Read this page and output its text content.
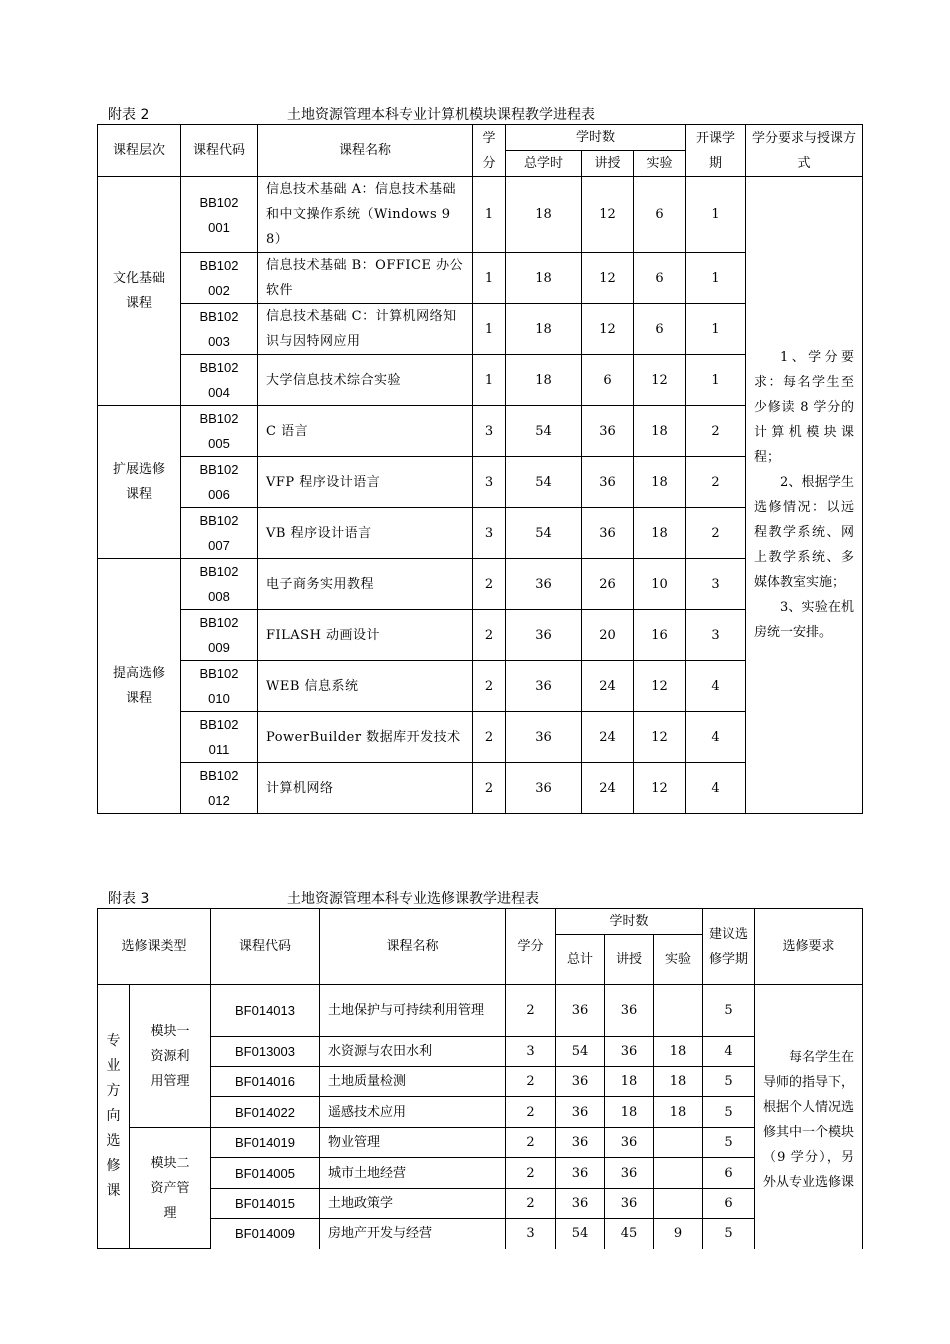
附表 2	土地资源管理本科专业计算机模块课程教学进程表
课程层次	课程代码	课程名称	学分	学时数			开课学期	学分要求与授课方式
				总学时	讲授	实验		
文化基础课程	BB102001	信息技术基础 A：信息技术基础和中文操作系统（Windows 98）	1	18	12	6	1	1、学分要求：每名学生至少修读 8 学分的计算机模块课程；

2、根据学生选修情况：以远程教学系统、网上教学系统、多媒体教室实施；

3、实验在机房统一安排。

	BB102002	信息技术基础 B：OFFICE 办公软件	1	18	12	6	1	
	BB102003	信息技术基础 C：计算机网络知识与因特网应用	1	18	12	6	1	
	BB102004	大学信息技术综合实验	1	18	6	12	1	
扩展选修课程	BB102005	C 语言	3	54	36	18	2	
	BB102006	VFP 程序设计语言	3	54	36	18	2	
	BB102007	VB 程序设计语言	3	54	36	18	2	
提高选修课程	BB102008	电子商务实用教程	2	36	26	10	3	
	BB102009	FILASH 动画设计	2	36	20	16	3	
	BB102010	WEB 信息系统	2	36	24	12	4	
	BB102011	PowerBuilder 数据库开发技术	2	36	24	12	4	
	BB102012	计算机网络	2	36	24	12	4	
附表 3	土地资源管理本科专业选修课教学进程表
选修课类型		课程代码	课程名称	学分	学时数			建议选修学期	选修要求
					总计	讲授	实验		
专业方向选修课	模块一资源利用管理	BF014013	土地保护与可持续利用管理	2	36	36		5	每名学生在导师的指导下，根据个人情况选修其中一个模块（9 学分），另外从专业选修课

		BF013003	水资源与农田水利	3	54	36	18	4	
		BF014016	土地质量检测	2	36	18	18	5	
		BF014022	遥感技术应用	2	36	18	18	5	
	模块二资产管理	BF014019	物业管理	2	36	36		5	
		BF014005	城市土地经营	2	36	36		6	
		BF014015	土地政策学	2	36	36		6	
		BF014009	房地产开发与经营	3	54	45	9	5	
